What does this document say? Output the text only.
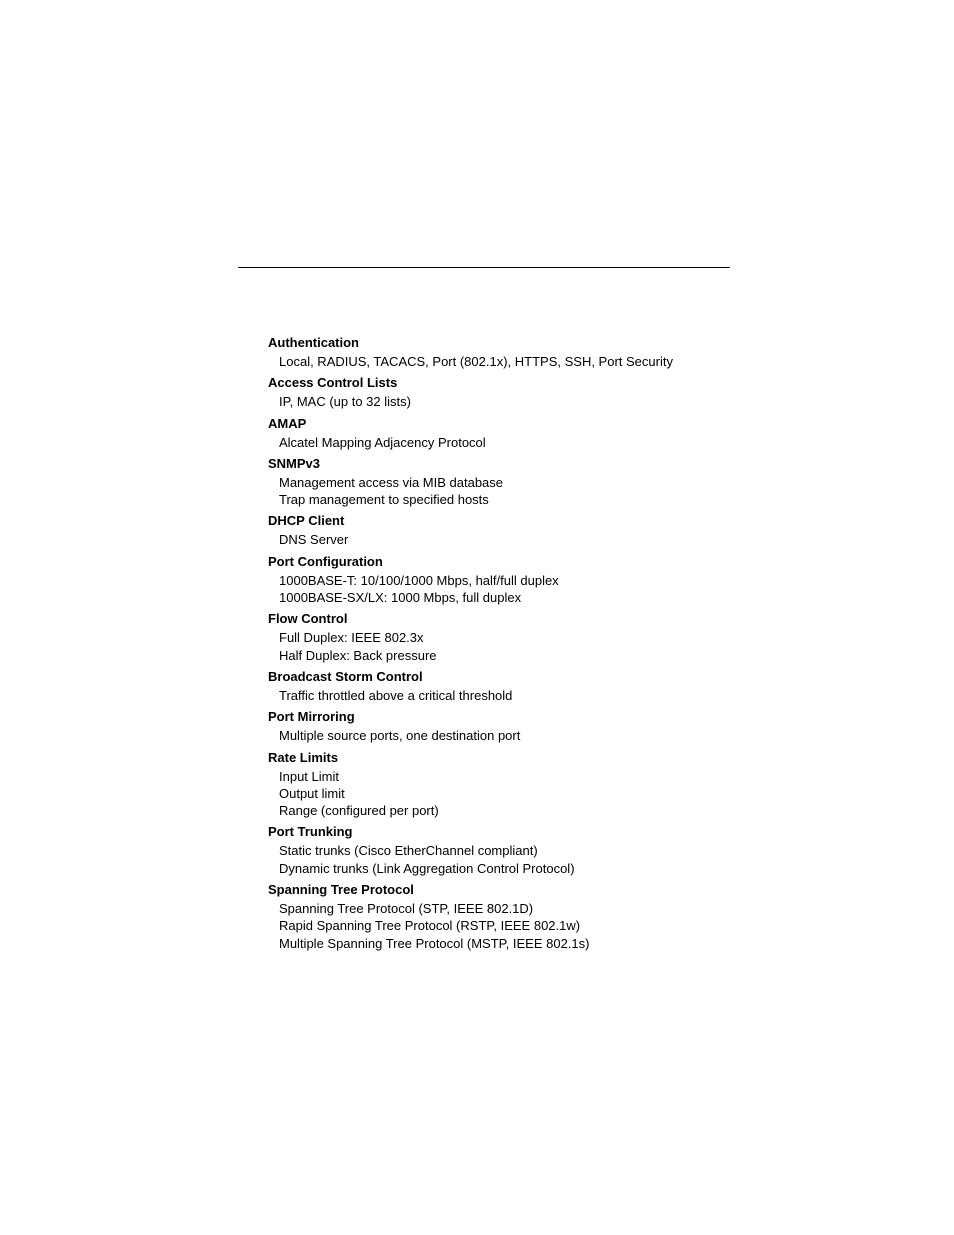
Authentication
Local, RADIUS, TACACS, Port (802.1x), HTTPS, SSH, Port Security
Access Control Lists
IP, MAC (up to 32 lists)
AMAP
Alcatel Mapping Adjacency Protocol
SNMPv3
Management access via MIB database
Trap management to specified hosts
DHCP Client
DNS Server
Port Configuration
1000BASE-T: 10/100/1000 Mbps, half/full duplex
1000BASE-SX/LX: 1000 Mbps, full duplex
Flow Control
Full Duplex: IEEE 802.3x
Half Duplex: Back pressure
Broadcast Storm Control
Traffic throttled above a critical threshold
Port Mirroring
Multiple source ports, one destination port
Rate Limits
Input Limit
Output limit
Range (configured per port)
Port Trunking
Static trunks (Cisco EtherChannel compliant)
Dynamic trunks (Link Aggregation Control Protocol)
Spanning Tree Protocol
Spanning Tree Protocol (STP, IEEE 802.1D)
Rapid Spanning Tree Protocol (RSTP, IEEE 802.1w)
Multiple Spanning Tree Protocol (MSTP, IEEE 802.1s)
